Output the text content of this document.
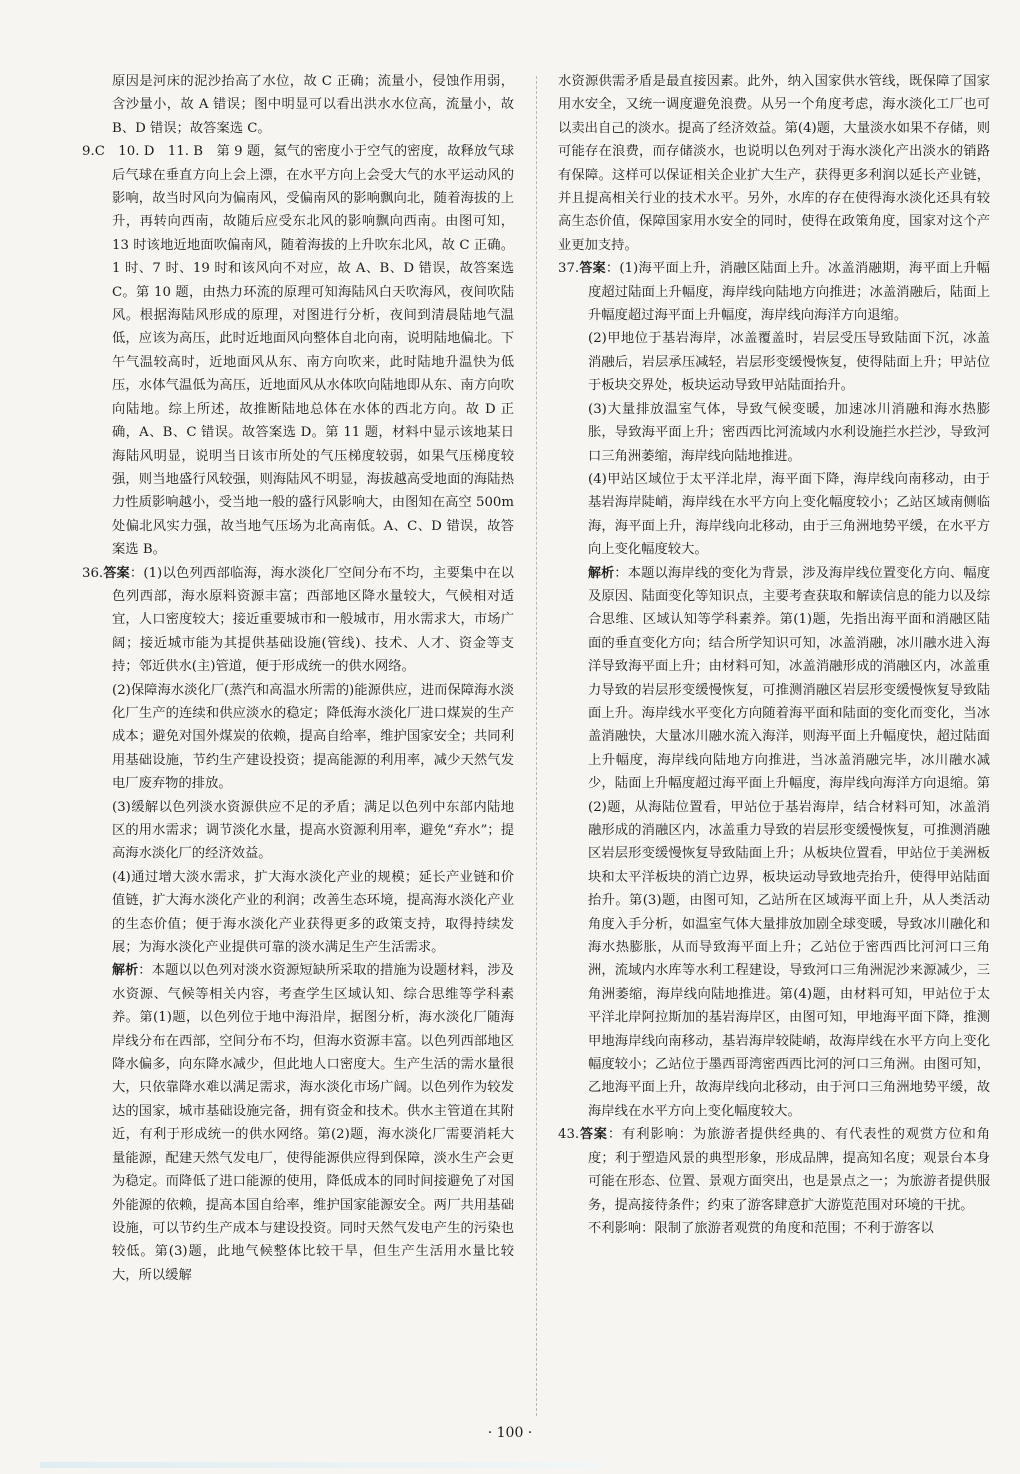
原因是河床的泥沙抬高了水位，故 C 正确；流量小，侵蚀作用弱，含沙量小，故 A 错误；图中明显可以看出洪水水位高，流量小，故 B、D 错误；故答案选 C。

9.C　10. D　11. B　第 9 题，氦气的密度小于空气的密度，故释放气球后气球在垂直方向上会上漂，在水平方向上会受大气的水平运动风的影响，故当时风向为偏南风，受偏南风的影响飘向北，随着海拔的上升，再转向西南，故随后应受东北风的影响飘向西南。由图可知，13 时该地近地面吹偏南风，随着海拔的上升吹东北风，故 C 正确。1 时、7 时、19 时和该风向不对应，故 A、B、D 错误，故答案选 C。第 10 题，由热力环流的原理可知海陆风白天吹海风，夜间吹陆风。根据海陆风形成的原理，对图进行分析，夜间到清晨陆地气温低，应该为高压，此时近地面风向整体自北向南，说明陆地偏北。下午气温较高时，近地面风从东、南方向吹来，此时陆地升温快为低压，水体气温低为高压，近地面风从水体吹向陆地即从东、南方向吹向陆地。综上所述，故推断陆地总体在水体的西北方向。故 D 正确，A、B、C 错误。故答案选 D。第 11 题，材料中显示该地某日海陆风明显，说明当日该市所处的气压梯度较弱，如果气压梯度较强，则当地盛行风较强，则海陆风不明显，海拔越高受地面的海陆热力性质影响越小，受当地一般的盛行风影响大，由图知在高空 500m 处偏北风实力强，故当地气压场为北高南低。A、C、D 错误，故答案选 B。

36.答案：(1)以色列西部临海，海水淡化厂空间分布不均，主要集中在以色列西部，海水原料资源丰富；西部地区降水量较大，气候相对适宜，人口密度较大；接近重要城市和一般城市，用水需求大，市场广阔；接近城市能为其提供基础设施(管线)、技术、人才、资金等支持；邻近供水(主)管道，便于形成统一的供水网络。

(2)保障海水淡化厂(蒸汽和高温水所需的)能源供应，进而保障海水淡化厂生产的连续和供应淡水的稳定；降低海水淡化厂进口煤炭的生产成本；避免对国外煤炭的依赖，提高自给率，维护国家安全；共同利用基础设施，节约生产建设投资；提高能源的利用率，减少天然气发电厂废弃物的排放。

(3)缓解以色列淡水资源供应不足的矛盾；满足以色列中东部内陆地区的用水需求；调节淡化水量，提高水资源利用率，避免“弃水”；提高海水淡化厂的经济效益。

(4)通过增大淡水需求，扩大海水淡化产业的规模；延长产业链和价值链，扩大海水淡化产业的利润；改善生态环境，提高海水淡化产业的生态价值；便于海水淡化产业获得更多的政策支持，取得持续发展；为海水淡化产业提供可靠的淡水满足生产生活需求。

解析：本题以以色列对淡水资源短缺所采取的措施为设题材料，涉及水资源、气候等相关内容，考查学生区域认知、综合思维等学科素养。第(1)题，以色列位于地中海沿岸，据图分析，海水淡化厂随海岸线分布在西部，空间分布不均，但海水资源丰富。以色列西部地区降水偏多，向东降水减少，但此地人口密度大。生产生活的需水量很大，只依靠降水难以满足需求，海水淡化市场广阔。以色列作为较发达的国家，城市基础设施完备，拥有资金和技术。供水主管道在其附近，有利于形成统一的供水网络。第(2)题，海水淡化厂需要消耗大量能源，配建天然气发电厂，使得能源供应得到保障，淡水生产会更为稳定。而降低了进口能源的使用，降低成本的同时间接避免了对国外能源的依赖，提高本国自给率，维护国家能源安全。两厂共用基础设施，可以节约生产成本与建设投资。同时天然气发电产生的污染也较低。第(3)题，此地气候整体比较干旱，但生产生活用水量比较大，所以缓解

水资源供需矛盾是最直接因素。此外，纳入国家供水管线，既保障了国家用水安全，又统一调度避免浪费。从另一个角度考虑，海水淡化工厂也可以卖出自己的淡水。提高了经济效益。第(4)题，大量淡水如果不存储，则可能存在浪费，而存储淡水，也说明以色列对于海水淡化产出淡水的销路有保障。这样可以保证相关企业扩大生产，获得更多利润以延长产业链，并且提高相关行业的技术水平。另外，水库的存在使得海水淡化还具有较高生态价值，保障国家用水安全的同时，使得在政策角度，国家对这个产业更加支持。

37.答案：(1)海平面上升，消融区陆面上升。冰盖消融期，海平面上升幅度超过陆面上升幅度，海岸线向陆地方向推进；冰盖消融后，陆面上升幅度超过海平面上升幅度，海岸线向海洋方向退缩。

(2)甲地位于基岩海岸，冰盖覆盖时，岩层受压导致陆面下沉，冰盖消融后，岩层承压减轻，岩层形变缓慢恢复，使得陆面上升；甲站位于板块交界处，板块运动导致甲站陆面抬升。

(3)大量排放温室气体，导致气候变暖，加速冰川消融和海水热膨胀，导致海平面上升；密西西比河流域内水利设施拦水拦沙，导致河口三角洲萎缩，海岸线向陆地推进。

(4)甲站区域位于太平洋北岸，海平面下降，海岸线向南移动，由于基岩海岸陡峭，海岸线在水平方向上变化幅度较小；乙站区域南侧临海，海平面上升，海岸线向北移动，由于三角洲地势平缓，在水平方向上变化幅度较大。

解析：本题以海岸线的变化为背景，涉及海岸线位置变化方向、幅度及原因、陆面变化等知识点，主要考查获取和解读信息的能力以及综合思维、区域认知等学科素养。第(1)题，先指出海平面和消融区陆面的垂直变化方向；结合所学知识可知，冰盖消融，冰川融水进入海洋导致海平面上升；由材料可知，冰盖消融形成的消融区内，冰盖重力导致的岩层形变缓慢恢复，可推测消融区岩层形变缓慢恢复导致陆面上升。海岸线水平变化方向随着海平面和陆面的变化而变化，当冰盖消融快，大量冰川融水流入海洋，则海平面上升幅度快，超过陆面上升幅度，海岸线向陆地方向推进，当冰盖消融完毕，冰川融水减少，陆面上升幅度超过海平面上升幅度，海岸线向海洋方向退缩。第(2)题，从海陆位置看，甲站位于基岩海岸，结合材料可知，冰盖消融形成的消融区内，冰盖重力导致的岩层形变缓慢恢复，可推测消融区岩层形变缓慢恢复导致陆面上升；从板块位置看，甲站位于美洲板块和太平洋板块的消亡边界，板块运动导致地壳抬升，使得甲站陆面抬升。第(3)题，由图可知，乙站所在区域海平面上升，从人类活动角度入手分析，如温室气体大量排放加剧全球变暖，导致冰川融化和海水热膨胀，从而导致海平面上升；乙站位于密西西比河河口三角洲，流域内水库等水利工程建设，导致河口三角洲泥沙来源减少，三角洲萎缩，海岸线向陆地推进。第(4)题，由材料可知，甲站位于太平洋北岸阿拉斯加的基岩海岸区，由图可知，甲地海平面下降，推测甲地海岸线向南移动，基岩海岸较陡峭，故海岸线在水平方向上变化幅度较小；乙站位于墨西哥湾密西西比河的河口三角洲。由图可知，乙地海平面上升，故海岸线向北移动，由于河口三角洲地势平缓，故海岸线在水平方向上变化幅度较大。

43.答案：有利影响：为旅游者提供经典的、有代表性的观赏方位和角度；利于塑造风景的典型形象，形成品牌，提高知名度；观景台本身可能在形态、位置、景观方面突出，也是景点之一；为旅游者提供服务，提高接待条件；约束了游客肆意扩大游览范围对环境的干扰。

不利影响：限制了旅游者观赏的角度和范围；不利于游客以

· 100 ·
